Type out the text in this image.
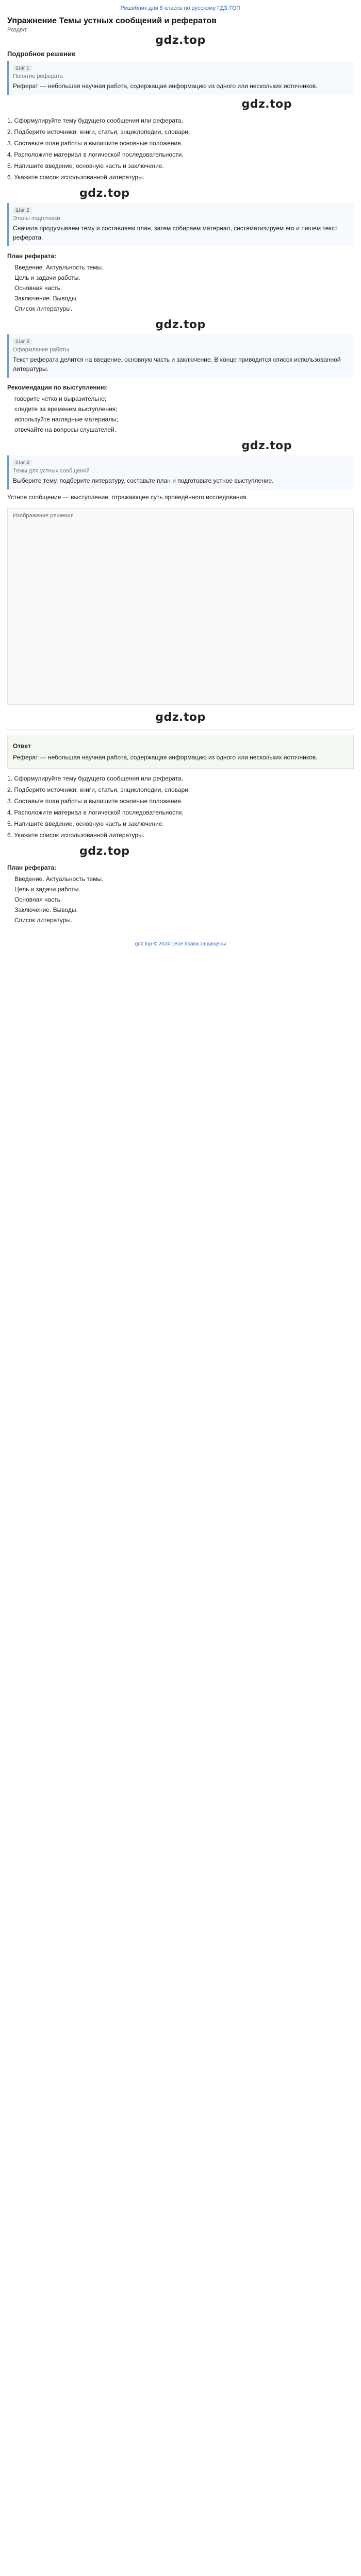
Решебник для 8 класса по русскому ГДЗ.ТОП
Упражнение Темы устных сообщений и рефератов
Раздел:
gdz.top
Подробное решение
Шаг 1
Понятие реферата

Реферат — небольшая научная работа, содержащая информацию из одного или нескольких источников.

gdz.top

1. Сформулируйте тему будущего сообщения или реферата.

2. Подберите источники: книги, статьи, энциклопедии, словари.

3. Составьте план работы и выпишите основные положения.

4. Расположите материал в логической последовательности.

5. Напишите введение, основную часть и заключение.

6. Укажите список использованной литературы.

gdz.top
Шаг 2
Этапы подготовки

Сначала продумываем тему и составляем план, затем собираем материал, систематизируем его и пишем текст реферата.

План реферата:

Введение. Актуальность темы.
Цель и задачи работы.
Основная часть.
Заключение. Выводы.
Список литературы.
gdz.top
Шаг 3
Оформление работы

Текст реферата делится на введение, основную часть и заключение. В конце приводится список использованной литературы.

Рекомендации по выступлению:

говорите чётко и выразительно;
следите за временем выступления;
используйте наглядные материалы;
отвечайте на вопросы слушателей.
gdz.top
Шаг 4
Темы для устных сообщений

Выберите тему, подберите литературу, составьте план и подготовьте устное выступление.

Устное сообщение — выступление, отражающее суть проведённого исследования.

Изображение решения
gdz.top

Ответ

Реферат — небольшая научная работа, содержащая информацию из одного или нескольких источников.

1. Сформулируйте тему будущего сообщения или реферата.

2. Подберите источники: книги, статьи, энциклопедии, словари.

3. Составьте план работы и выпишите основные положения.

4. Расположите материал в логической последовательности.

5. Напишите введение, основную часть и заключение.

6. Укажите список использованной литературы.

gdz.top

План реферата:

Введение. Актуальность темы.
Цель и задачи работы.
Основная часть.
Заключение. Выводы.
Список литературы.
gdz.top © 2024 | Все права защищены
